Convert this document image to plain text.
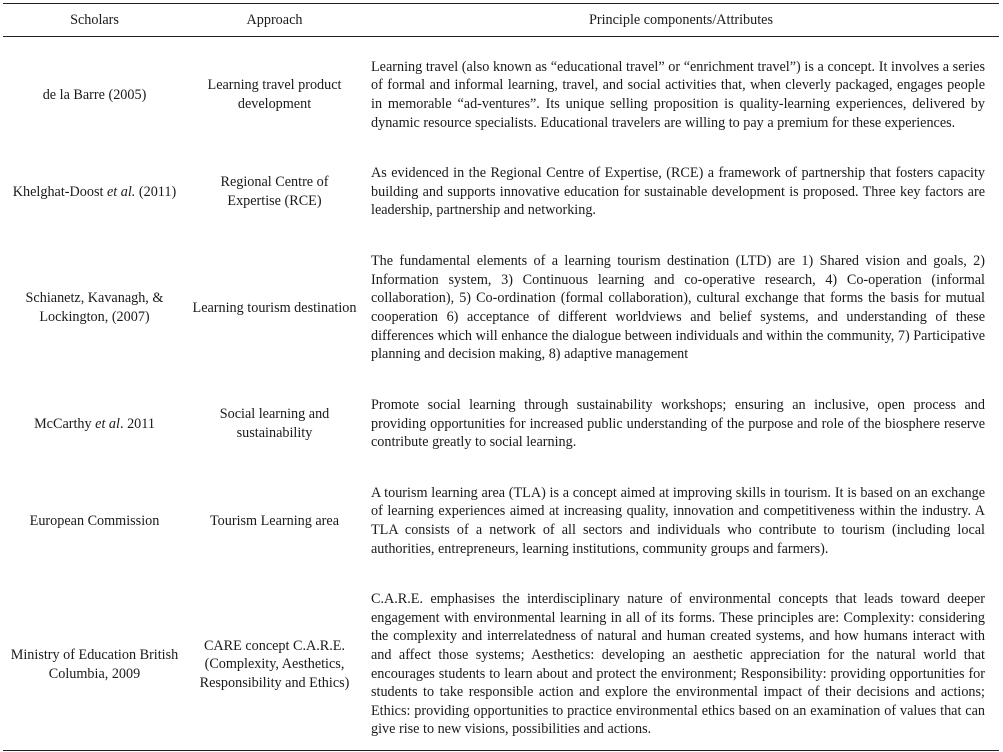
Scholars	Approach	Principle components/Attributes
de la Barre (2005)	Learning travel product development	Learning travel (also known as “educational travel” or “enrichment travel”) is a concept. It involves a series of formal and informal learning, travel, and social activities that, when cleverly packaged, engages people in memorable “ad-ventures”. Its unique selling proposition is quality-learning experiences, delivered by dynamic resource specialists. Educational travelers are willing to pay a premium for these experiences.
Khelghat-Doost et al. (2011)	Regional Centre of Expertise (RCE)	As evidenced in the Regional Centre of Expertise, (RCE) a framework of partnership that fosters capacity building and supports innovative education for sustainable development is proposed. Three key factors are leadership, partnership and networking.
Schianetz, Kavanagh, & Lockington, (2007)	Learning tourism destination	The fundamental elements of a learning tourism destination (LTD) are 1) Shared vision and goals, 2) Information system, 3) Continuous learning and co-operative research, 4) Co-operation (informal collaboration), 5) Co-ordination (formal collaboration), cultural exchange that forms the basis for mutual cooperation 6) acceptance of different worldviews and belief systems, and understanding of these differences which will enhance the dialogue between individuals and within the community, 7) Participative planning and decision making, 8) adaptive management
McCarthy et al. 2011	Social learning and sustainability	Promote social learning through sustainability workshops; ensuring an inclusive, open process and providing opportunities for increased public understanding of the purpose and role of the biosphere reserve contribute greatly to social learning.
European Commission	Tourism Learning area	A tourism learning area (TLA) is a concept aimed at improving skills in tourism. It is based on an exchange of learning experiences aimed at increasing quality, innovation and competitiveness within the industry. A TLA consists of a network of all sectors and individuals who contribute to tourism (including local authorities, entrepreneurs, learning institutions, community groups and farmers).
Ministry of Education British Columbia, 2009	CARE concept C.A.R.E. (Complexity, Aesthetics, Responsibility and Ethics)	C.A.R.E. emphasises the interdisciplinary nature of environmental concepts that leads toward deeper engagement with environmental learning in all of its forms. These principles are: Complexity: considering the complexity and interrelatedness of natural and human created systems, and how humans interact with and affect those systems; Aesthetics: developing an aesthetic appreciation for the natural world that encourages students to learn about and protect the environment; Responsibility: providing opportunities for students to take responsible action and explore the environmental impact of their decisions and actions; Ethics: providing opportunities to practice environmental ethics based on an examination of values that can give rise to new visions, possibilities and actions.
